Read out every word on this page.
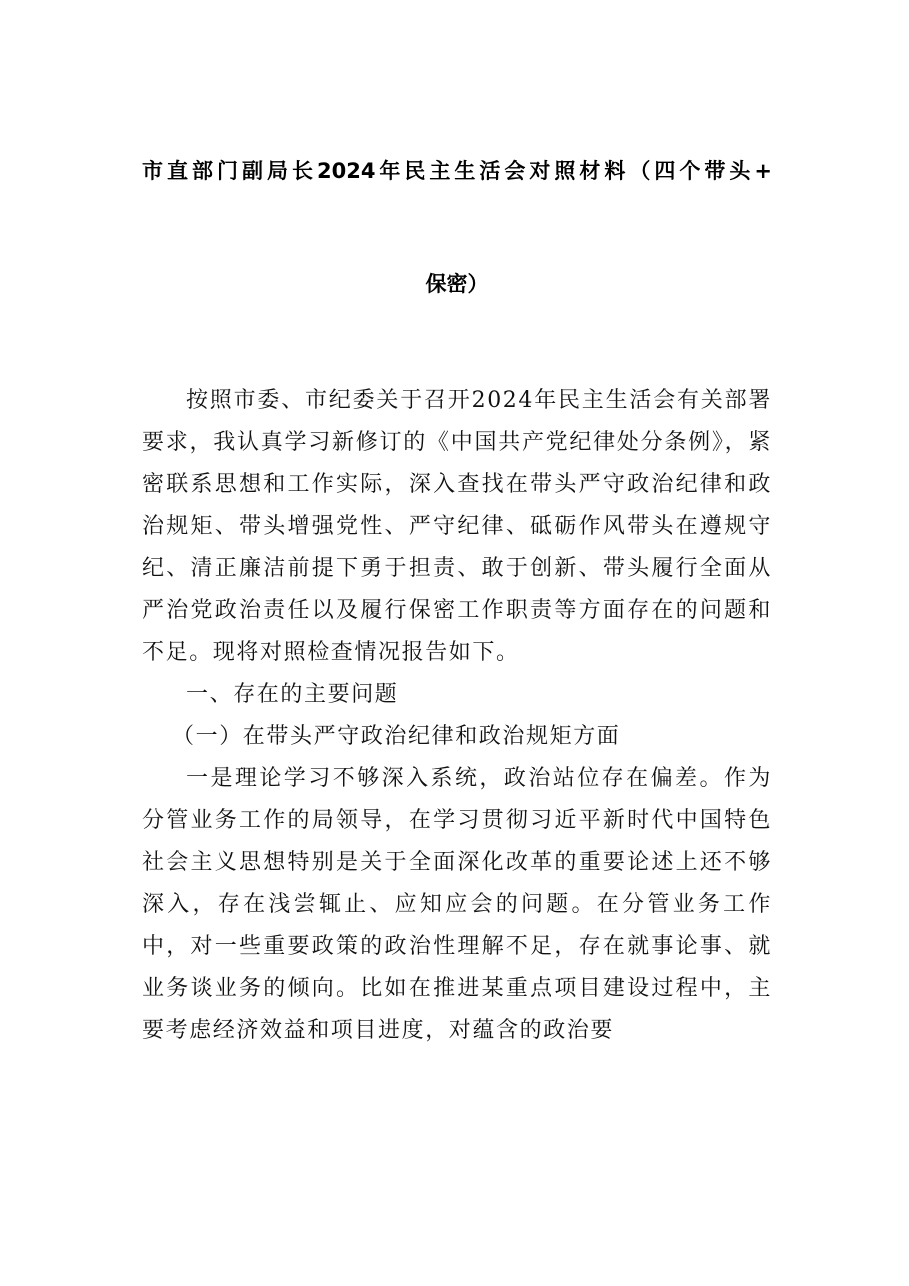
市直部门副局长2024年民主生活会对照材料（四个带头+
保密）

按照市委、市纪委关于召开2024年民主生活会有关部署要求，我认真学习新修订的《中国共产党纪律处分条例》，紧密联系思想和工作实际，深入查找在带头严守政治纪律和政治规矩、带头增强党性、严守纪律、砥砺作风带头在遵规守纪、清正廉洁前提下勇于担责、敢于创新、带头履行全面从严治党政治责任以及履行保密工作职责等方面存在的问题和不足。现将对照检查情况报告如下。

一、存在的主要问题

（一）在带头严守政治纪律和政治规矩方面

一是理论学习不够深入系统，政治站位存在偏差。作为分管业务工作的局领导，在学习贯彻习近平新时代中国特色社会主义思想特别是关于全面深化改革的重要论述上还不够深入，存在浅尝辄止、应知应会的问题。在分管业务工作中，对一些重要政策的政治性理解不足，存在就事论事、就业务谈业务的倾向。比如在推进某重点项目建设过程中，主要考虑经济效益和项目进度，对蕴含的政治要
